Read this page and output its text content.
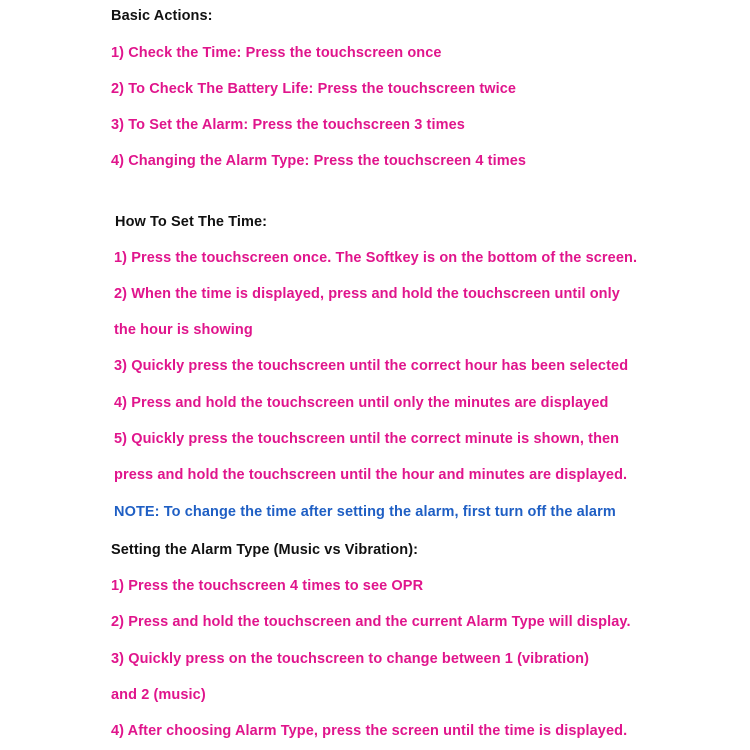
Basic Actions:
1) Check the Time: Press the touchscreen once
2) To Check The Battery Life: Press the touchscreen twice
3) To Set the Alarm: Press the touchscreen 3 times
4) Changing the Alarm Type: Press the touchscreen 4 times
How To Set The Time:
1) Press the touchscreen once. The Softkey is on the bottom of the screen.
2) When the time is displayed, press and hold the touchscreen until only
the hour is showing
3) Quickly press the touchscreen until the correct hour has been selected
4) Press and hold the touchscreen until only the minutes are displayed
5) Quickly press the touchscreen until the correct minute is shown, then
press and hold the touchscreen until the hour and minutes are displayed.
NOTE: To change the time after setting the alarm, first turn off the alarm
Setting the Alarm Type (Music vs Vibration):
1) Press the touchscreen 4 times to see OPR
2) Press and hold the touchscreen and the current Alarm Type will display.
3) Quickly press on the touchscreen to change between 1 (vibration)
and 2 (music)
4) After choosing Alarm Type, press the screen until the time is displayed.
